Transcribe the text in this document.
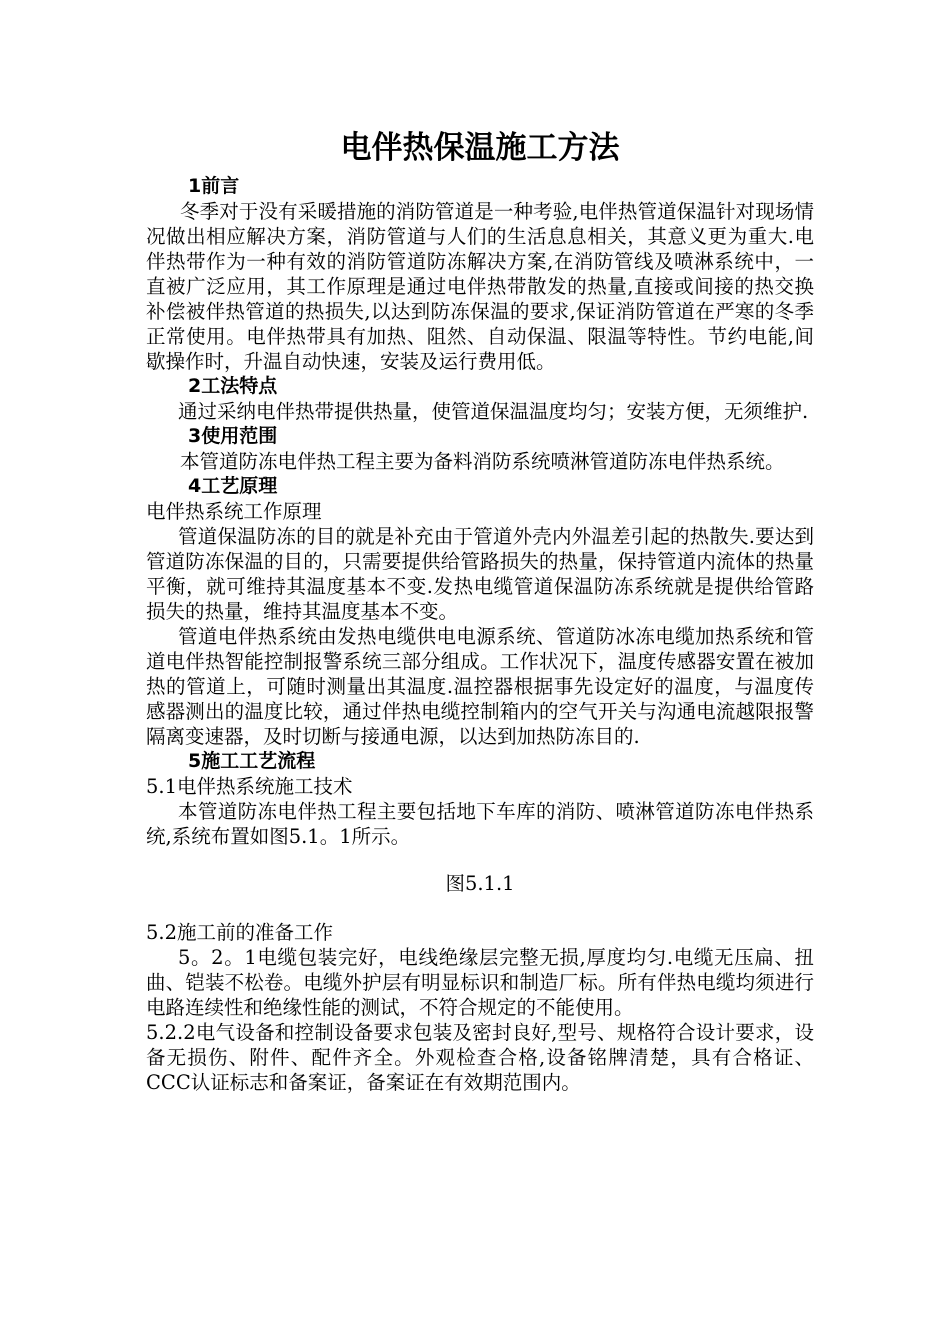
电伴热保温施工方法
1前言

冬季对于没有采暖措施的消防管道是一种考验,电伴热管道保温针对现场情况做出相应解决方案，消防管道与人们的生活息息相关，其意义更为重大.电伴热带作为一种有效的消防管道防冻解决方案,在消防管线及喷淋系统中，一直被广泛应用，其工作原理是通过电伴热带散发的热量,直接或间接的热交换补偿被伴热管道的热损失,以达到防冻保温的要求,保证消防管道在严寒的冬季正常使用。电伴热带具有加热、阻然、自动保温、限温等特性。节约电能,间歇操作时，升温自动快速，安装及运行费用低。

2工法特点

通过采纳电伴热带提供热量，使管道保温温度均匀；安装方便，无须维护.

3使用范围

本管道防冻电伴热工程主要为备料消防系统喷淋管道防冻电伴热系统。

4工艺原理

电伴热系统工作原理

管道保温防冻的目的就是补充由于管道外壳内外温差引起的热散失.要达到管道防冻保温的目的，只需要提供给管路损失的热量，保持管道内流体的热量平衡，就可维持其温度基本不变.发热电缆管道保温防冻系统就是提供给管路损失的热量，维持其温度基本不变。

管道电伴热系统由发热电缆供电电源系统、管道防冰冻电缆加热系统和管道电伴热智能控制报警系统三部分组成。工作状况下，温度传感器安置在被加热的管道上，可随时测量出其温度.温控器根据事先设定好的温度，与温度传感器测出的温度比较，通过伴热电缆控制箱内的空气开关与沟通电流越限报警隔离变速器，及时切断与接通电源，以达到加热防冻目的.

5施工工艺流程

5.1电伴热系统施工技术

本管道防冻电伴热工程主要包括地下车库的消防、喷淋管道防冻电伴热系统,系统布置如图5.1。1所示。

图5.1.1

5.2施工前的准备工作

5。2。1电缆包装完好，电线绝缘层完整无损,厚度均匀.电缆无压扁、扭曲、铠装不松卷。电缆外护层有明显标识和制造厂标。所有伴热电缆均须进行电路连续性和绝缘性能的测试，不符合规定的不能使用。

5.2.2电气设备和控制设备要求包装及密封良好,型号、规格符合设计要求，设备无损伤、附件、配件齐全。外观检查合格,设备铭牌清楚，具有合格证、CCC认证标志和备案证，备案证在有效期范围内。
